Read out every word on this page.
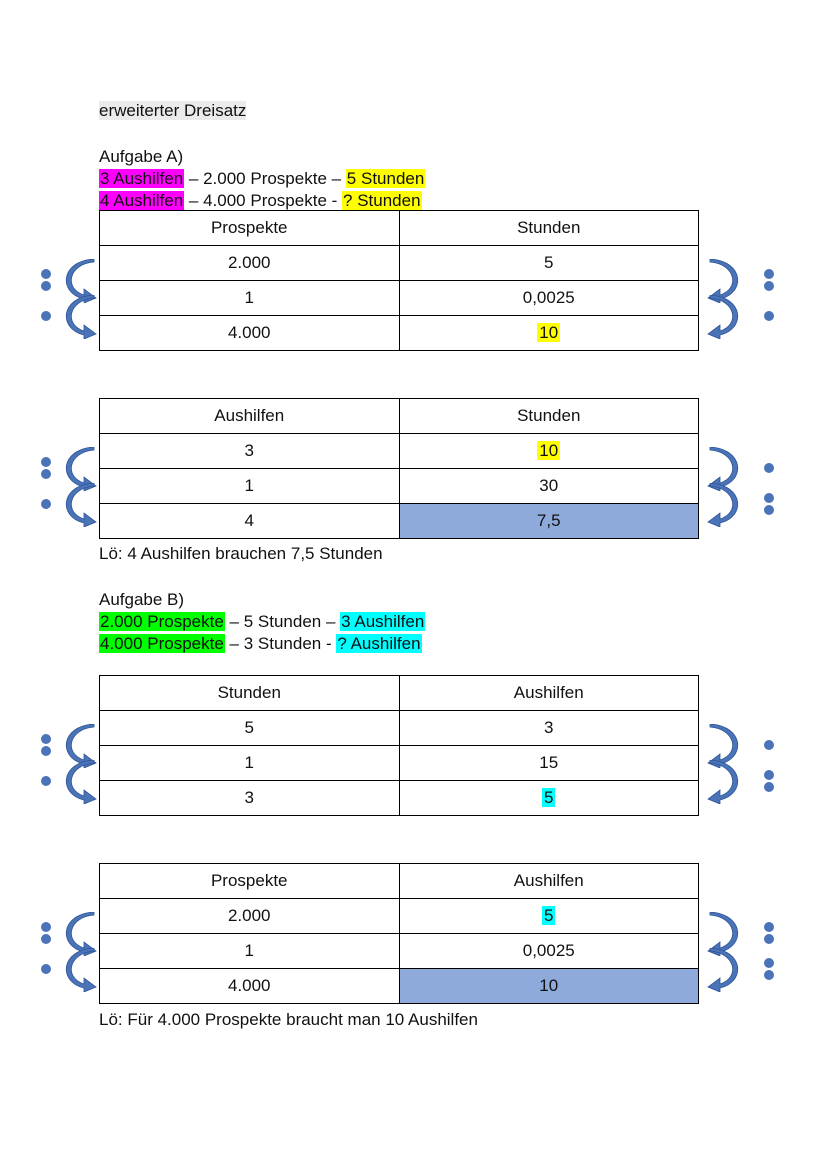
erweiterter Dreisatz
Aufgabe A)
3 Aushilfen – 2.000 Prospekte – 5 Stunden
4 Aushilfen – 4.000 Prospekte - ? Stunden
Prospekte	Stunden
2.000	5
1	0,0025
4.000	10
Aushilfen	Stunden
3	10
1	30
4	7,5
Lö: 4 Aushilfen brauchen 7,5 Stunden
Aufgabe B)
2.000 Prospekte – 5 Stunden – 3 Aushilfen
4.000 Prospekte – 3 Stunden - ? Aushilfen
Stunden	Aushilfen
5	3
1	15
3	5
Prospekte	Aushilfen
2.000	5
1	0,0025
4.000	10
Lö: Für 4.000 Prospekte braucht man 10 Aushilfen
